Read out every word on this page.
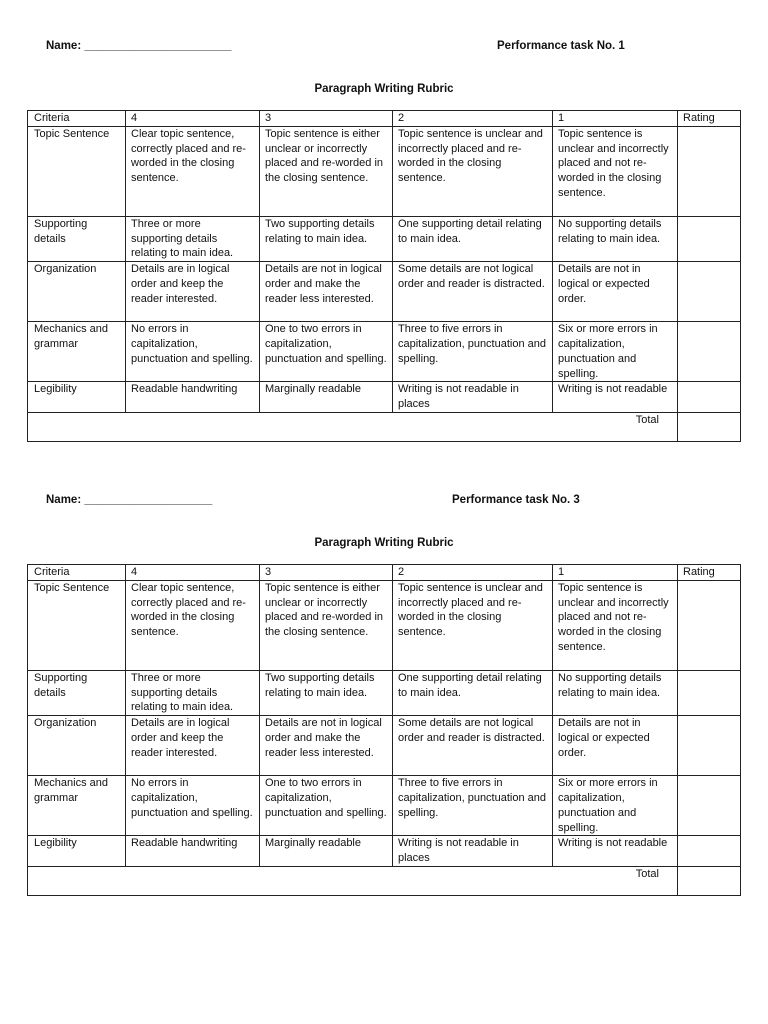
Name: _______________________	Performance task No. 1
Paragraph Writing Rubric
Criteria	4	3	2	1	Rating
Topic Sentence	Clear topic sentence, correctly placed and re-worded in the closing sentence.	Topic sentence is either unclear or incorrectly placed and re-worded in the closing sentence.	Topic sentence is unclear and incorrectly placed and re-worded in the closing sentence.	Topic sentence is unclear and incorrectly placed and not re-worded in the closing sentence.	
Supporting details	Three or more supporting details relating to main idea.	Two supporting details relating to main idea.	One supporting detail relating to main idea.	No supporting details relating to main idea.	
Organization	Details are in logical order and keep the reader interested.	Details are not in logical order and make the reader less interested.	Some details are not logical order and reader is distracted.	Details are not in logical or expected order.	
Mechanics and grammar	No errors in capitalization, punctuation and spelling.	One to two errors in capitalization, punctuation and spelling.	Three to five errors in capitalization, punctuation and spelling.	Six or more errors in capitalization, punctuation and spelling.	
Legibility	Readable handwriting	Marginally readable	Writing is not readable in places	Writing is not readable	
Total					
Name: ____________________	Performance task No. 3
Paragraph Writing Rubric
Criteria	4	3	2	1	Rating
Topic Sentence	Clear topic sentence, correctly placed and re-worded in the closing sentence.	Topic sentence is either unclear or incorrectly placed and re-worded in the closing sentence.	Topic sentence is unclear and incorrectly placed and re-worded in the closing sentence.	Topic sentence is unclear and incorrectly placed and not re-worded in the closing sentence.	
Supporting details	Three or more supporting details relating to main idea.	Two supporting details relating to main idea.	One supporting detail relating to main idea.	No supporting details relating to main idea.	
Organization	Details are in logical order and keep the reader interested.	Details are not in logical order and make the reader less interested.	Some details are not logical order and reader is distracted.	Details are not in logical or expected order.	
Mechanics and grammar	No errors in capitalization, punctuation and spelling.	One to two errors in capitalization, punctuation and spelling.	Three to five errors in capitalization, punctuation and spelling.	Six or more errors in capitalization, punctuation and spelling.	
Legibility	Readable handwriting	Marginally readable	Writing is not readable in places	Writing is not readable	
Total					
